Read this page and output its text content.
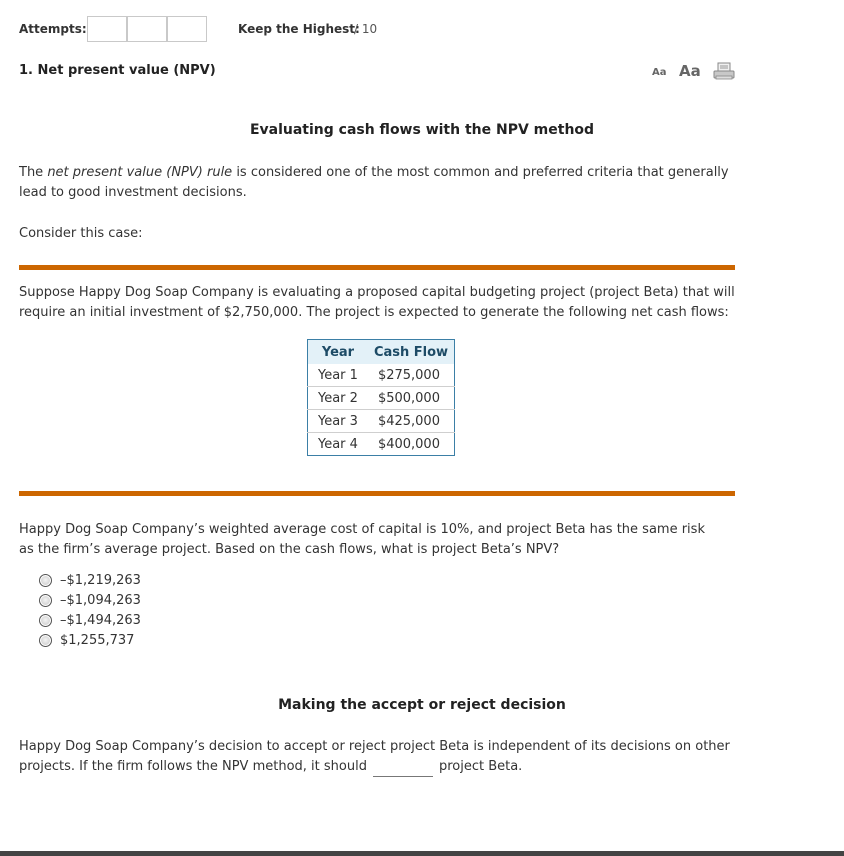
Attempts:	Keep the Highest:
/ 10
1. Net present value (NPV)	Aa Aa
Evaluating cash flows with the NPV method
The net present value (NPV) rule is considered one of the most common and preferred criteria that generally lead to good investment decisions.
Consider this case:
Suppose Happy Dog Soap Company is evaluating a proposed capital budgeting project (project Beta) that will require an initial investment of $2,750,000. The project is expected to generate the following net cash flows:
Year	Cash Flow
Year 1	$275,000
Year 2	$500,000
Year 3	$425,000
Year 4	$400,000
Happy Dog Soap Company’s weighted average cost of capital is 10%, and project Beta has the same risk as the firm’s average project. Based on the cash flows, what is project Beta’s NPV?
–$1,219,263
–$1,094,263
–$1,494,263
$1,255,737
Making the accept or reject decision
Happy Dog Soap Company’s decision to accept or reject project Beta is independent of its decisions on other projects. If the firm follows the NPV method, it should	project Beta.
